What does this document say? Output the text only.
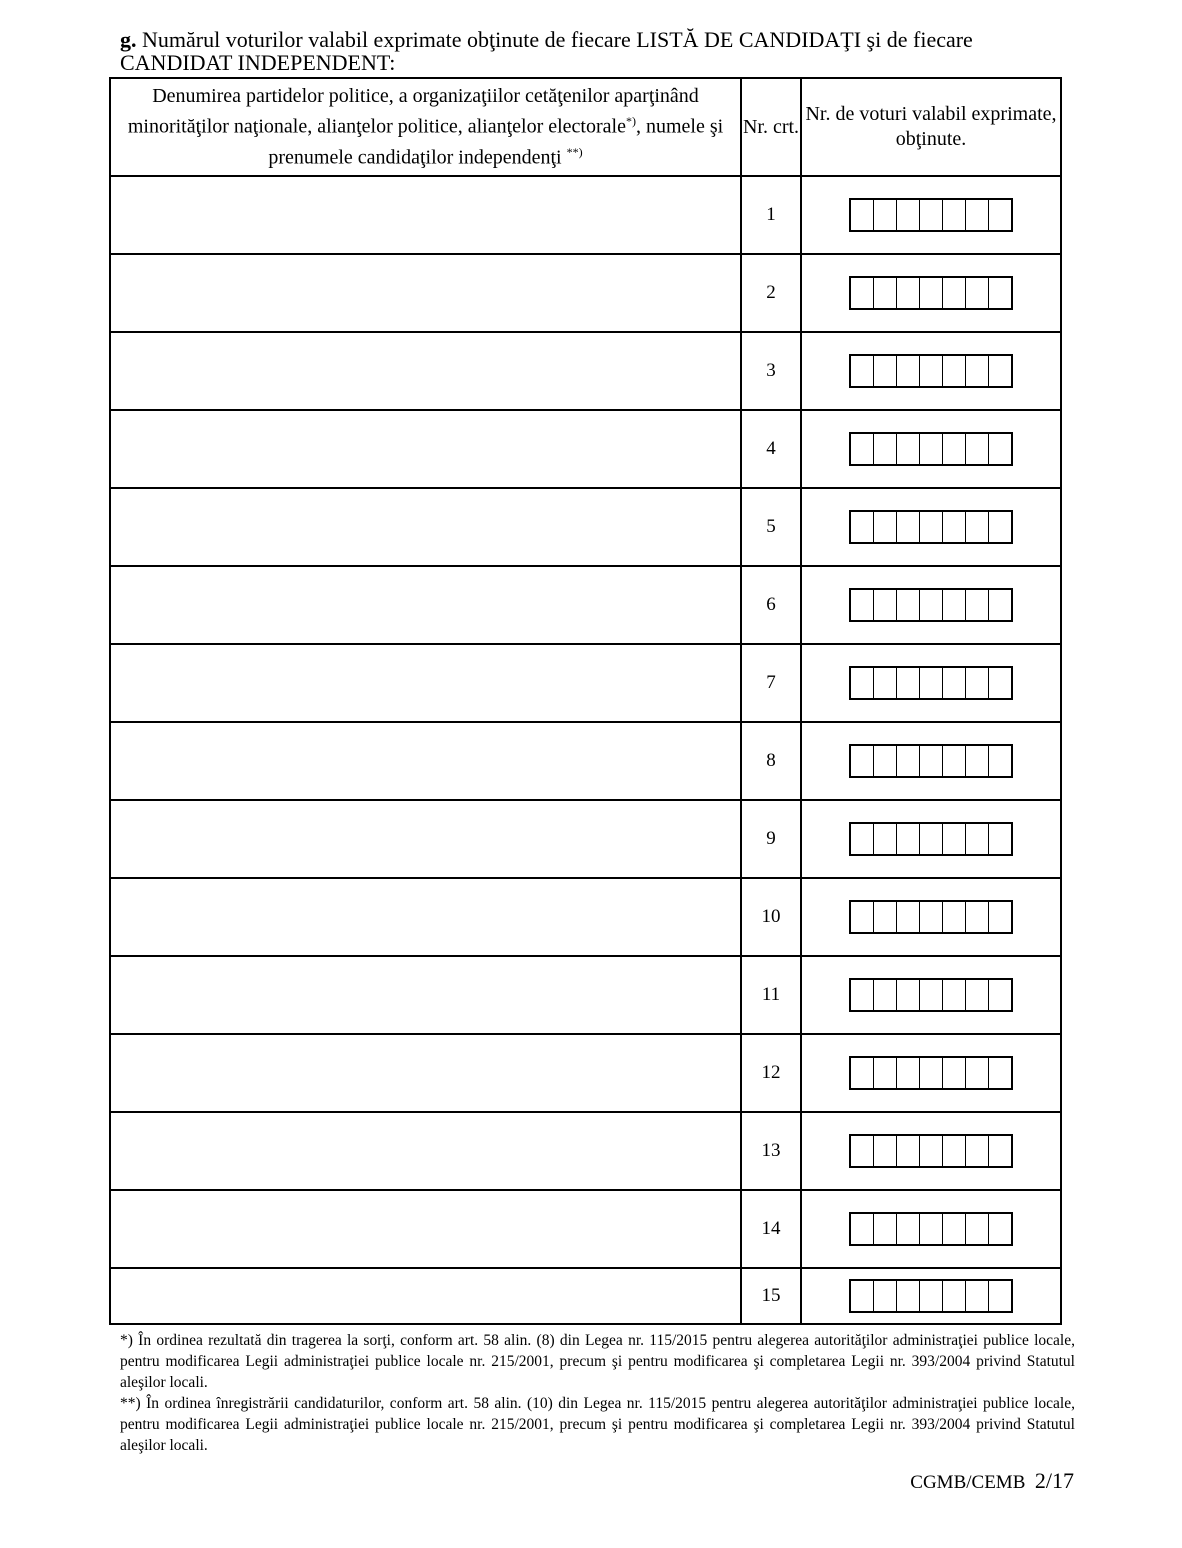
g. Numărul voturilor valabil exprimate obţinute de fiecare LISTĂ DE CANDIDAŢI şi de fiecare CANDIDAT INDEPENDENT:
Denumirea partidelor politice, a organizaţiilor cetăţenilor aparţinând minorităţilor naţionale, alianţelor politice, alianţelor electorale*), numele şi prenumele candidaţilor independenţi **)	Nr. crt.	Nr. de voturi valabil exprimate, obţinute.
	1	

	2	

	3	

	4	

	5	

	6	

	7	

	8	

	9	

	10	

	11	

	12	

	13	

	14	

	15	

*) În ordinea rezultată din tragerea la sorţi, conform art. 58 alin. (8) din Legea nr. 115/2015 pentru alegerea autorităţilor administraţiei publice locale, pentru modificarea Legii administraţiei publice locale nr. 215/2001, precum şi pentru modificarea şi completarea Legii nr. 393/2004 privind Statutul aleşilor locali.

**) În ordinea înregistrării candidaturilor, conform art. 58 alin. (10) din Legea nr. 115/2015 pentru alegerea autorităţilor administraţiei publice locale, pentru modificarea Legii administraţiei publice locale nr. 215/2001, precum şi pentru modificarea şi completarea Legii nr. 393/2004 privind Statutul aleşilor locali.

CGMB/CEMB 2/17
